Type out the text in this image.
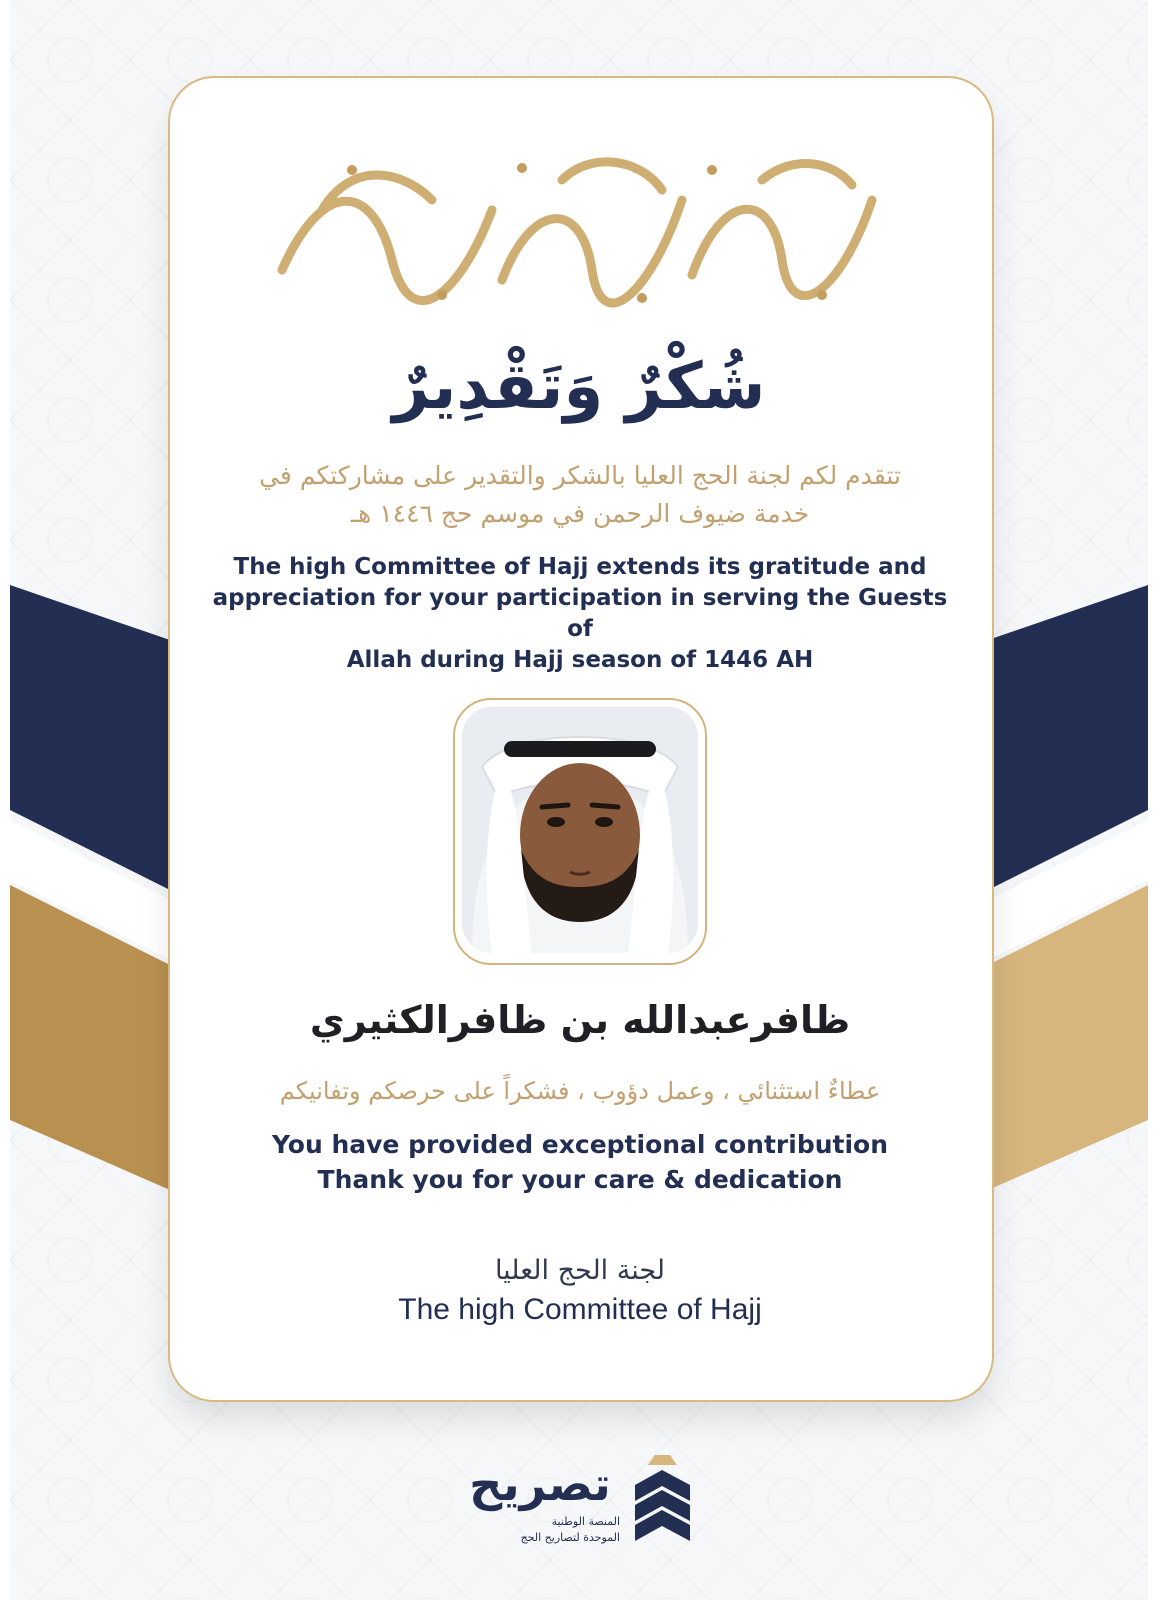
شُكْرٌ وَتَقْدِيرٌ
تتقدم لكم لجنة الحج العليا بالشكر والتقدير على مشاركتكم في
خدمة ضيوف الرحمن في موسم حج ١٤٤٦ هـ
The high Committee of Hajj extends its gratitude and
appreciation for your participation in serving the Guests of
Allah during Hajj season of 1446 AH
ظافرعبدالله بن ظافرالكثيري
عطاءٌ استثنائي ، وعمل دؤوب ، فشكراً على حرصكم وتفانيكم
You have provided exceptional contribution
Thank you for your care & dedication
لجنة الحج العليا
The high Committee of Hajj
تصريح
المنصة الوطنية
الموحدة لتصاريح الحج
